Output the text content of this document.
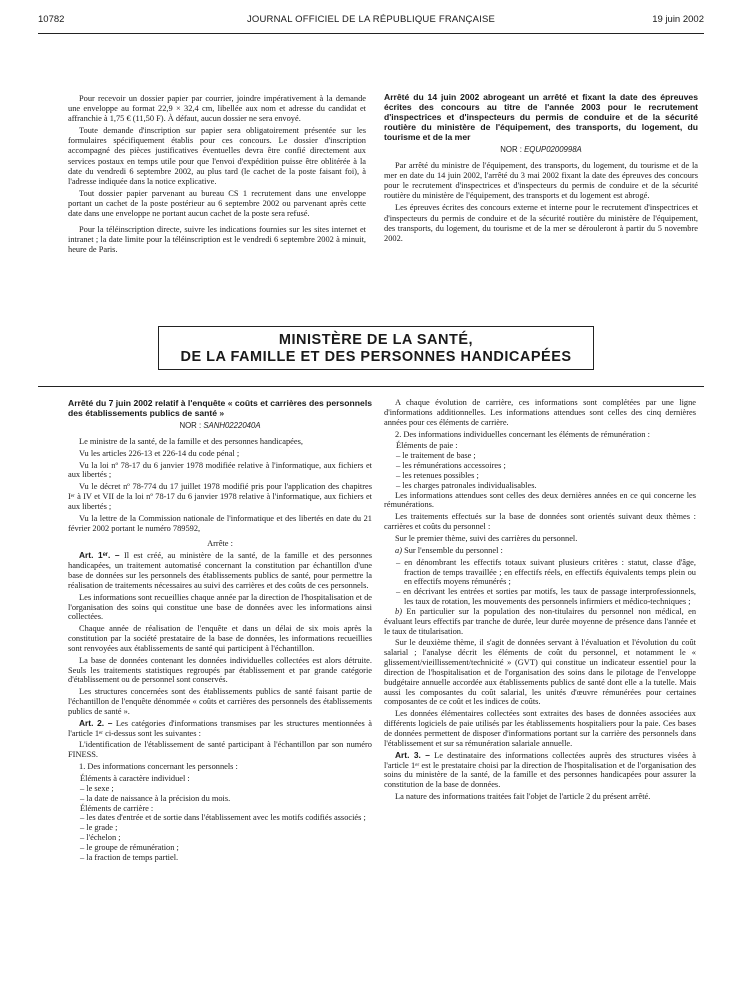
10782	JOURNAL OFFICIEL DE LA RÉPUBLIQUE FRANÇAISE	19 juin 2002

Pour recevoir un dossier papier par courrier, joindre impérativement à la demande une enveloppe au format 22,9 × 32,4 cm, libellée aux nom et adresse du candidat et affranchie à 1,75 € (11,50 F). À défaut, aucun dossier ne sera envoyé.

Toute demande d'inscription sur papier sera obligatoirement présentée sur les formulaires spécifiquement établis pour ces concours. Le dossier d'inscription accompagné des pièces justificatives éventuelles devra être confié directement aux services postaux en temps utile pour que l'envoi d'expédition puisse être oblitérée à la date du vendredi 6 septembre 2002, au plus tard (le cachet de la poste faisant foi), à l'adresse indiquée dans la notice explicative.

Tout dossier papier parvenant au bureau CS 1 recrutement dans une enveloppe portant un cachet de la poste postérieur au 6 septembre 2002 ou parvenant après cette date dans une enveloppe ne portant aucun cachet de la poste sera refusé.

Pour la téléinscription directe, suivre les indications fournies sur les sites internet et intranet ; la date limite pour la téléinscription est le vendredi 6 septembre 2002 à minuit, heure de Paris.

Arrêté du 14 juin 2002 abrogeant un arrêté et fixant la date des épreuves écrites des concours au titre de l'année 2003 pour le recrutement d'inspectrices et d'inspecteurs du permis de conduire et de la sécurité routière du ministère de l'équipement, des transports, du logement, du tourisme et de la mer
NOR : EQUP0200998A

Par arrêté du ministre de l'équipement, des transports, du logement, du tourisme et de la mer en date du 14 juin 2002, l'arrêté du 3 mai 2002 fixant la date des épreuves des concours pour le recrutement d'inspectrices et d'inspecteurs du permis de conduire et de la sécurité routière du ministère de l'équipement, des transports et du logement est abrogé.

Les épreuves écrites des concours externe et interne pour le recrutement d'inspectrices et d'inspecteurs du permis de conduire et de la sécurité routière du ministère de l'équipement, des transports, du logement, du tourisme et de la mer se dérouleront à partir du 5 novembre 2002.

MINISTÈRE DE LA SANTÉ,
DE LA FAMILLE ET DES PERSONNES HANDICAPÉES
Arrêté du 7 juin 2002 relatif à l'enquête « coûts et carrières des personnels des établissements publics de santé »
NOR : SANH0222040A

Le ministre de la santé, de la famille et des personnes handicapées,

Vu les articles 226-13 et 226-14 du code pénal ;

Vu la loi nº 78-17 du 6 janvier 1978 modifiée relative à l'informatique, aux fichiers et aux libertés ;

Vu le décret nº 78-774 du 17 juillet 1978 modifié pris pour l'application des chapitres Iᵉʳ à IV et VII de la loi nº 78-17 du 6 janvier 1978 relative à l'informatique, aux fichiers et aux libertés ;

Vu la lettre de la Commission nationale de l'informatique et des libertés en date du 21 février 2002 portant le numéro 789592,

Arrête :

Art. 1ᵉʳ. – Il est créé, au ministère de la santé, de la famille et des personnes handicapées, un traitement automatisé concernant la constitution par échantillon d'une base de données sur les personnels des établissements publics de santé, pour permettre la réalisation de traitements nécessaires au suivi des carrières et des coûts de ces personnels.

Les informations sont recueillies chaque année par la direction de l'hospitalisation et de l'organisation des soins qui constitue une base de données avec les informations ainsi collectées.

Chaque année de réalisation de l'enquête et dans un délai de six mois après la constitution par la société prestataire de la base de données, les informations recueillies sont renvoyées aux établissements de santé qui participent à l'échantillon.

La base de données contenant les données individuelles collectées est alors détruite. Seuls les traitements statistiques regroupés par établissement et par grande catégorie d'établissement ou de personnel sont conservés.

Les structures concernées sont des établissements publics de santé faisant partie de l'échantillon de l'enquête dénommée « coûts et carrières des personnels des établissements publics de santé ».

Art. 2. – Les catégories d'informations transmises par les structures mentionnées à l'article 1ᵉʳ ci-dessus sont les suivantes :

L'identification de l'établissement de santé participant à l'échantillon par son numéro FINESS.

1. Des informations concernant les personnels :

Éléments à caractère individuel :

– le sexe ;

– la date de naissance à la précision du mois.

Éléments de carrière :

– les dates d'entrée et de sortie dans l'établissement avec les motifs codifiés associés ;

– le grade ;

– l'échelon ;

– le groupe de rémunération ;

– la fraction de temps partiel.

A chaque évolution de carrière, ces informations sont complétées par une ligne d'informations additionnelles. Les informations attendues sont celles des cinq dernières années pour ces éléments de carrière.

2. Des informations individuelles concernant les éléments de rémunération :

Éléments de paie :

– le traitement de base ;

– les rémunérations accessoires ;

– les retenues possibles ;

– les charges patronales individualisables.

Les informations attendues sont celles des deux dernières années en ce qui concerne les rémunérations.

Les traitements effectués sur la base de données sont orientés suivant deux thèmes : carrières et coûts du personnel :

Sur le premier thème, suivi des carrières du personnel.

a) Sur l'ensemble du personnel :

– en dénombrant les effectifs totaux suivant plusieurs critères : statut, classe d'âge, fraction de temps travaillée ; en effectifs réels, en effectifs équivalents temps plein ou en effectifs moyens rémunérés ;

– en décrivant les entrées et sorties par motifs, les taux de passage interprofessionnels, les taux de rotation, les mouvements des personnels infirmiers et médico-techniques ;

b) En particulier sur la population des non-titulaires du personnel non médical, en évaluant leurs effectifs par tranche de durée, leur durée moyenne de présence dans l'année et le taux de titularisation.

Sur le deuxième thème, il s'agit de données servant à l'évaluation et l'évolution du coût salarial ; l'analyse décrit les éléments de coût du personnel, et notamment le « glissement/vieillissement/technicité » (GVT) qui constitue un indicateur essentiel pour la direction de l'hospitalisation et de l'organisation des soins dans le pilotage de l'enveloppe budgétaire annuelle accordée aux établissements publics de santé dont elle a la tutelle. Mais aussi les composantes du coût salarial, les unités d'œuvre rémunérées pour certaines composantes de ce coût et les indices de coûts.

Les données élémentaires collectées sont extraites des bases de données associées aux différents logiciels de paie utilisés par les établissements hospitaliers pour la paie. Ces bases de données permettent de disposer d'informations portant sur la carrière des personnels dans l'établissement et sur sa rémunération salariale annuelle.

Art. 3. – Le destinataire des informations collectées auprès des structures visées à l'article 1ᵉʳ est le prestataire choisi par la direction de l'hospitalisation et de l'organisation des soins du ministère de la santé, de la famille et des personnes handicapées pour assurer la constitution de la base de données.

La nature des informations traitées fait l'objet de l'article 2 du présent arrêté.
